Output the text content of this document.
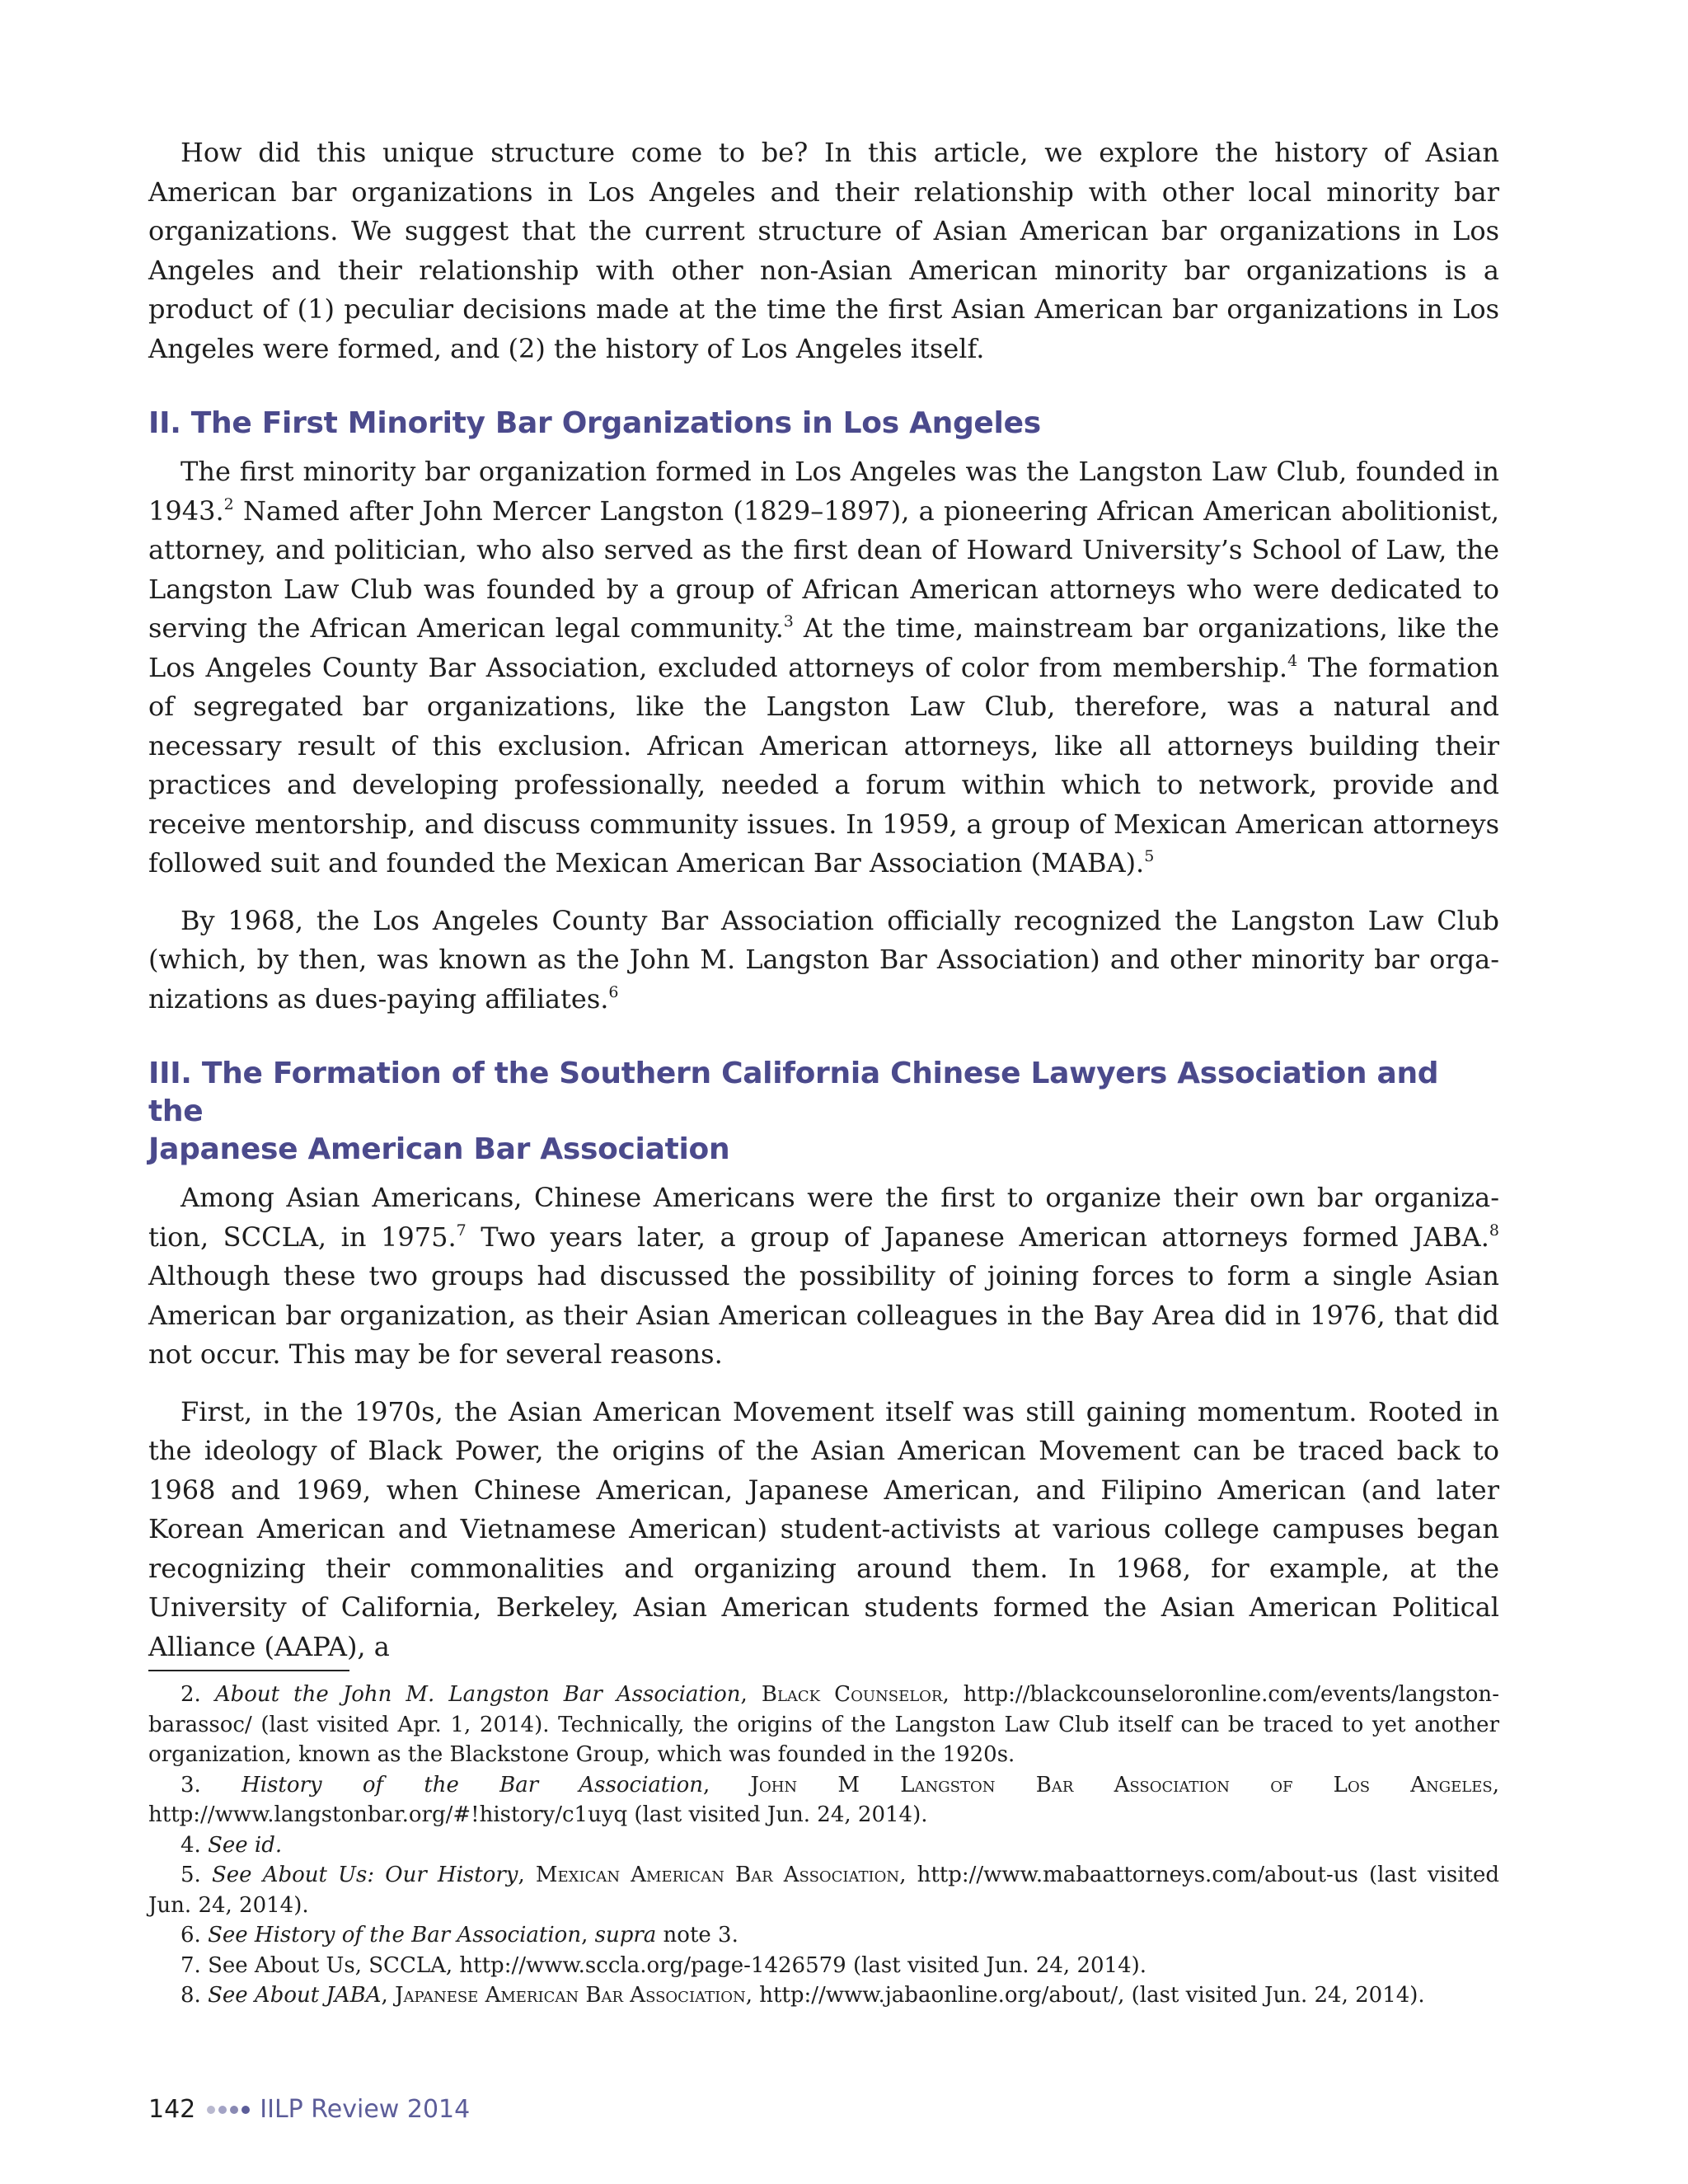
How did this unique structure come to be? In this article, we explore the history of Asian American bar organizations in Los Angeles and their relationship with other local minority bar organizations. We suggest that the current structure of Asian American bar organizations in Los Angeles and their relationship with other non-Asian American minority bar organizations is a product of (1) peculiar decisions made at the time the first Asian American bar organizations in Los Angeles were formed, and (2) the history of Los Angeles itself.

II. The First Minority Bar Organizations in Los Angeles

The first minority bar organization formed in Los Angeles was the Langston Law Club, founded in 1943.$^2$ Named after John Mercer Langston (1829–1897), a pioneering African American abolitionist, attorney, and politician, who also served as the first dean of Howard University’s School of Law, the Langston Law Club was founded by a group of African American attorneys who were dedicated to serving the African American legal community.$^3$ At the time, mainstream bar organizations, like the Los Angeles County Bar Association, excluded attorneys of color from membership.$^4$ The formation of segregated bar organizations, like the Langston Law Club, therefore, was a natural and necessary result of this exclusion. African American attorneys, like all attorneys building their practices and developing professionally, needed a forum within which to network, provide and receive mentorship, and discuss community issues. In 1959, a group of Mexican American attorneys followed suit and founded the Mexican American Bar Association (MABA).$^5$

By 1968, the Los Angeles County Bar Association officially recognized the Langston Law Club (which, by then, was known as the John M. Langston Bar Association) and other minority bar organizations as dues-paying affiliates.$^6$

III. The Formation of the Southern California Chinese Lawyers Association and the
Japanese American Bar Association

Among Asian Americans, Chinese Americans were the first to organize their own bar organization, SCCLA, in 1975.$^7$ Two years later, a group of Japanese American attorneys formed JABA.$^8$ Although these two groups had discussed the possibility of joining forces to form a single Asian American bar organization, as their Asian American colleagues in the Bay Area did in 1976, that did not occur. This may be for several reasons.

First, in the 1970s, the Asian American Movement itself was still gaining momentum. Rooted in the ideology of Black Power, the origins of the Asian American Movement can be traced back to 1968 and 1969, when Chinese American, Japanese American, and Filipino American (and later Korean American and Vietnamese American) student-activists at various college campuses began recognizing their commonalities and organizing around them. In 1968, for example, at the University of California, Berkeley, Asian American students formed the Asian American Political Alliance (AAPA), a

2. About the John M. Langston Bar Association, Black Counselor, http://blackcounseloronline.com/events/langstonbarassoc/ (last visited Apr. 1, 2014). Technically, the origins of the Langston Law Club itself can be traced to yet another organization, known as the Blackstone Group, which was founded in the 1920s.

3. History of the Bar Association, John M Langston Bar Association of Los Angeles, http://www.langstonbar.org/#!history/c1uyq (last visited Jun. 24, 2014).

4. See id.

5. See About Us: Our History, Mexican American Bar Association, http://www.mabaattorneys.com/about-us (last visited Jun. 24, 2014).

6. See History of the Bar Association, supra note 3.

7. See About Us, SCCLA, http://www.sccla.org/page-1426579 (last visited Jun. 24, 2014).

8. See About JABA, Japanese American Bar Association, http://www.jabaonline.org/about/, (last visited Jun. 24, 2014).

142	IILP Review 2014
